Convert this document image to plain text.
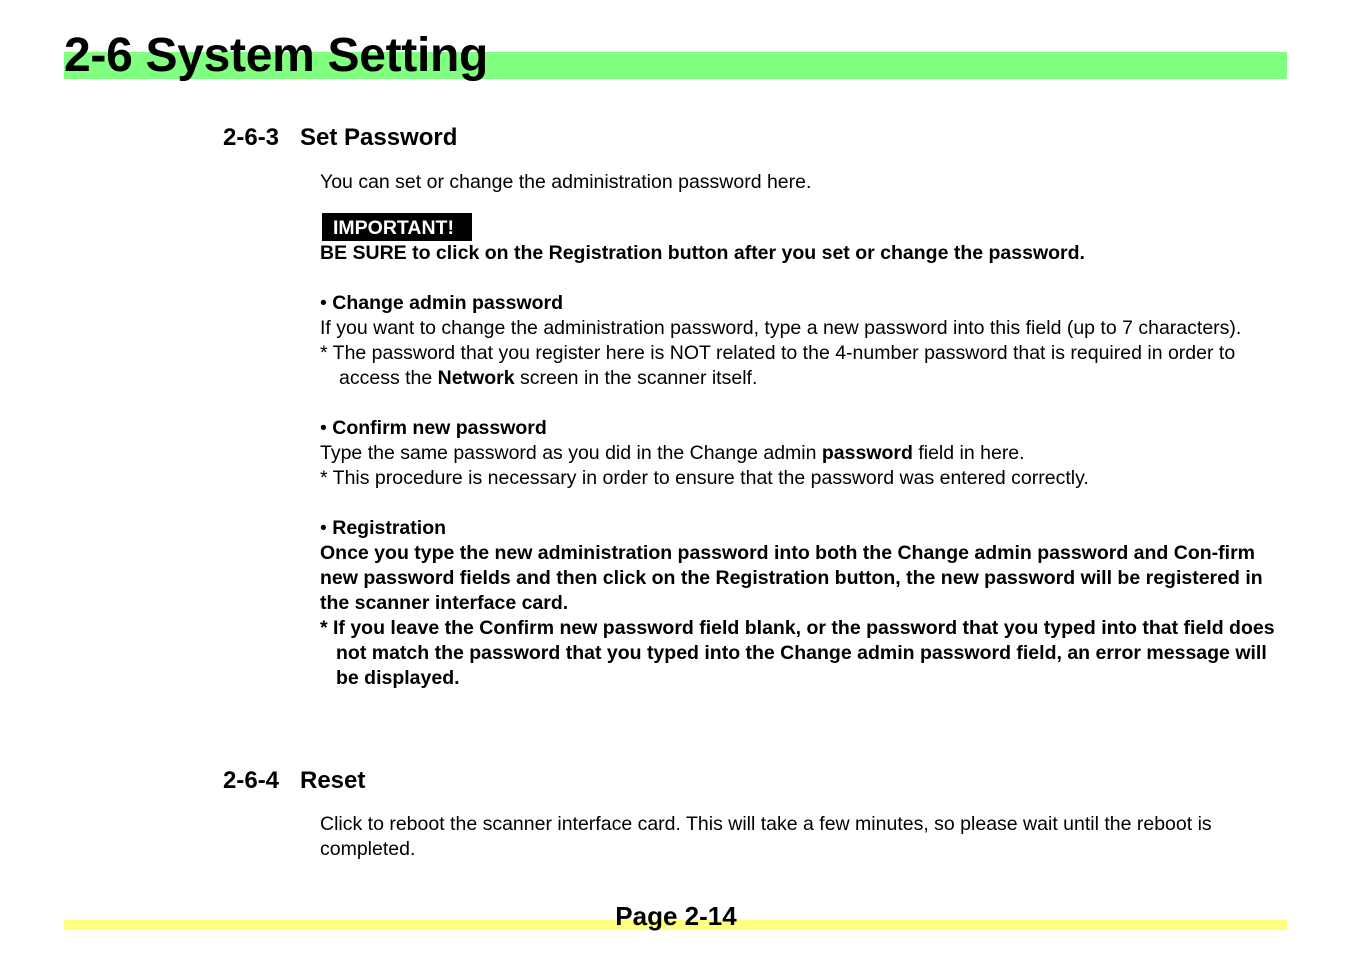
2-6 System Setting
2-6-3 Set Password

You can set or change the administration password here.

IMPORTANT!

BE SURE to click on the Registration button after you set or change the password.

• Change admin password

If you want to change the administration password, type a new password into this field (up to 7 characters).

* The password that you register here is NOT related to the 4-number password that is required in order to access the Network screen in the scanner itself.

• Confirm new password

Type the same password as you did in the Change admin password field in here.

* This procedure is necessary in order to ensure that the password was entered correctly.

• Registration

Once you type the new administration password into both the Change admin password and Con-firm new password fields and then click on the Registration button, the new password will be registered in the scanner interface card.

* If you leave the Confirm new password field blank, or the password that you typed into that field does not match the password that you typed into the Change admin password field, an error message will be displayed.

2-6-4 Reset

Click to reboot the scanner interface card. This will take a few minutes, so please wait until the reboot is completed.

Page 2-14
